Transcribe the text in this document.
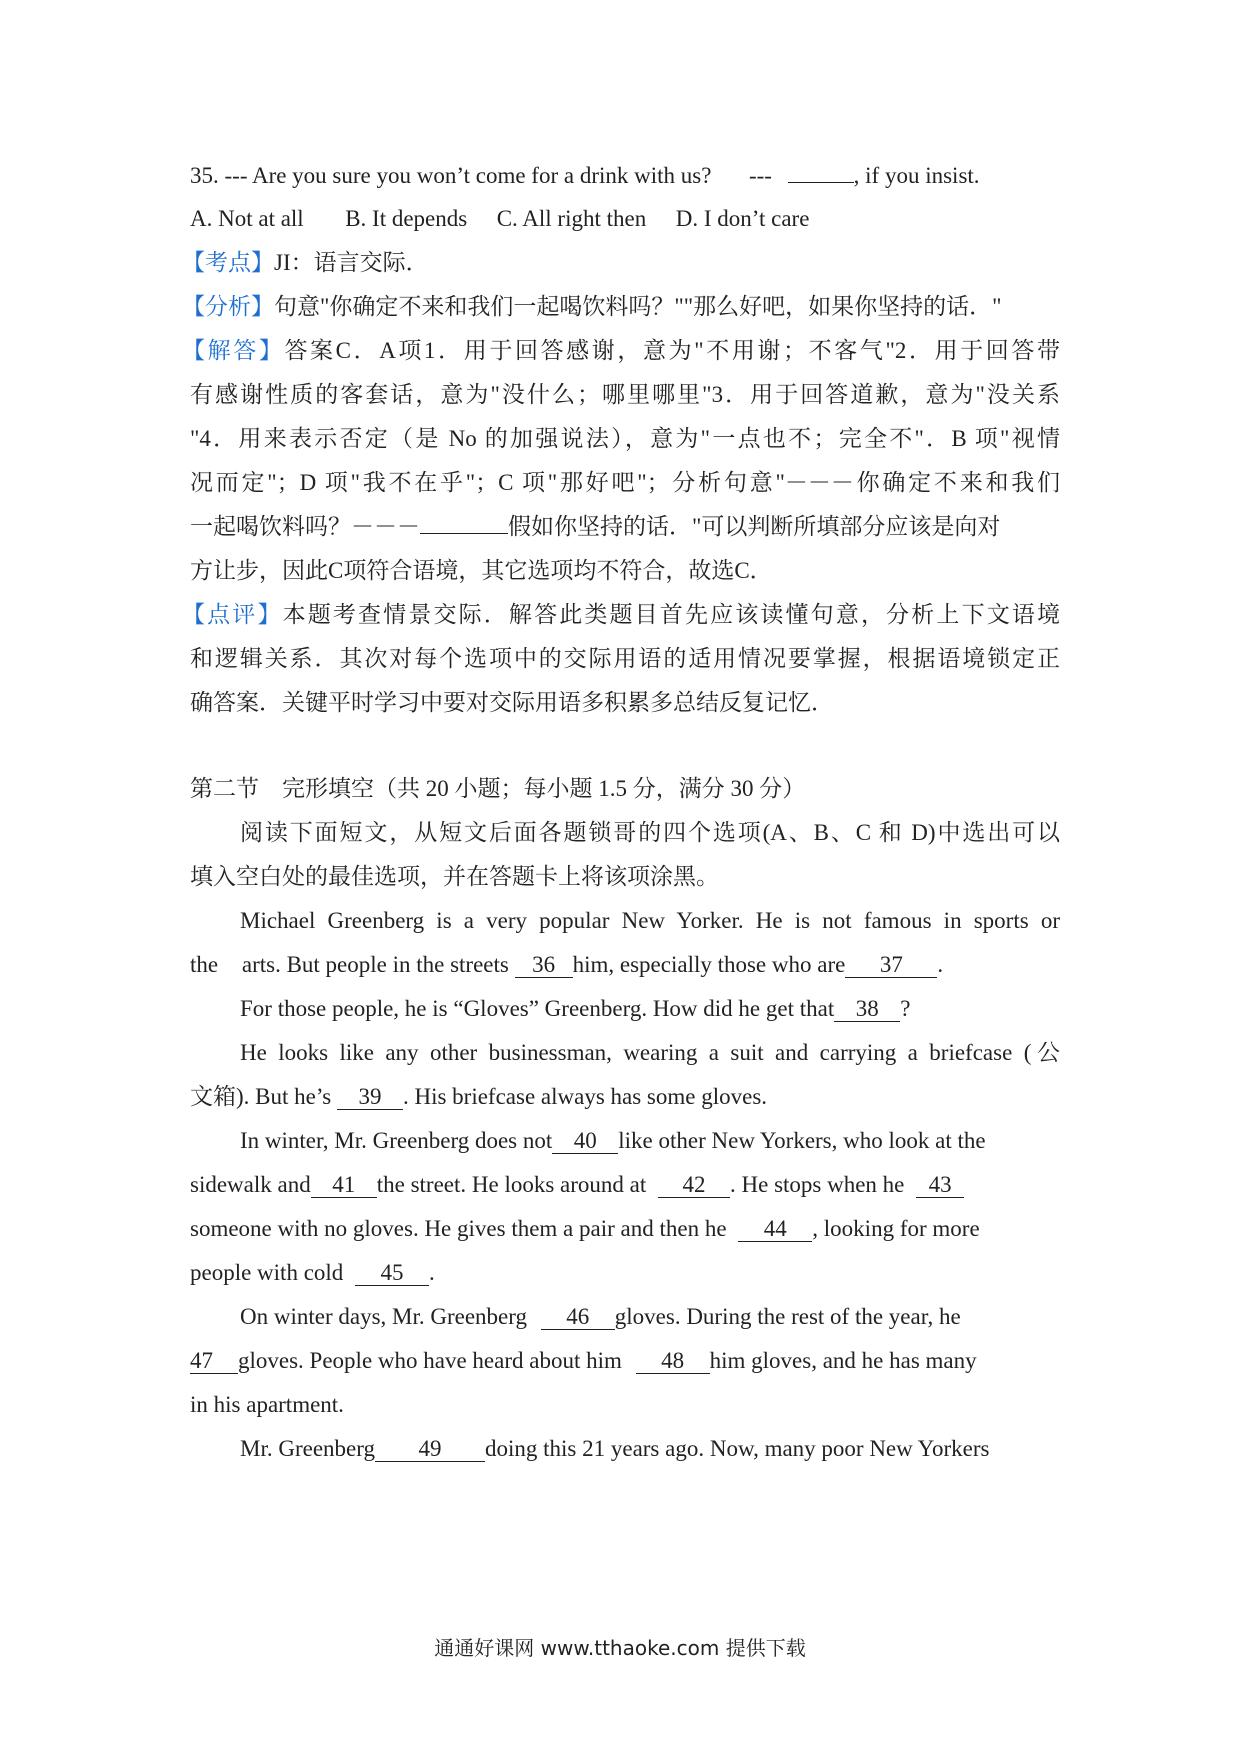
35. --- Are you sure you won’t come for a drink with us? ---	, if you insist.
A. Not at all B. It depends C. All right then D. I don’t care
【考点】JI：语言交际．
【分析】句意"你确定不来和我们一起喝饮料吗？""那么好吧，如果你坚持的话．"
【解答】答案C．A项1．用于回答感谢，意为"不用谢；不客气"2．用于回答带
有感谢性质的客套话，意为"没什么；哪里哪里"3．用于回答道歉，意为"没关系
"4．用来表示否定（是 No 的加强说法），意为"一点也不；完全不"．B 项"视情
况而定"；D 项"我不在乎"；C 项"那好吧"；分析句意"－－－你确定不来和我们
一起喝饮料吗？－－－	假如你坚持的话．"可以判断所填部分应该是向对
方让步，因此C项符合语境，其它选项均不符合，故选C．
【点评】本题考查情景交际．解答此类题目首先应该读懂句意，分析上下文语境
和逻辑关系．其次对每个选项中的交际用语的适用情况要掌握，根据语境锁定正
确答案．关键平时学习中要对交际用语多积累多总结反复记忆．
第二节　完形填空（共 20 小题；每小题 1.5 分，满分 30 分）
阅读下面短文，从短文后面各题锁哥的四个选项(A、B、C 和 D)中选出可以
填入空白处的最佳选项，并在答题卡上将该项涂黑。
Michael Greenberg is a very popular New Yorker. He is not famous in sports or
the arts. But people in the streets 36 him, especially those who are 37 .
For those people, he is “Gloves” Greenberg. How did he get that 38 ?
He looks like any other businessman, wearing a suit and carrying a briefcase (公
文箱). But he’s 39 . His briefcase always has some gloves.
In winter, Mr. Greenberg does not 40 like other New Yorkers, who look at the
sidewalk and 41 the street. He looks around at 42 . He stops when he 43
someone with no gloves. He gives them a pair and then he 44 , looking for more
people with cold 45 .
On winter days, Mr. Greenberg 46 gloves. During the rest of the year, he
47 gloves. People who have heard about him 48 him gloves, and he has many
in his apartment.
Mr. Greenberg 49 doing this 21 years ago. Now, many poor New Yorkers
通通好课网 www.tthaoke.com 提供下载
